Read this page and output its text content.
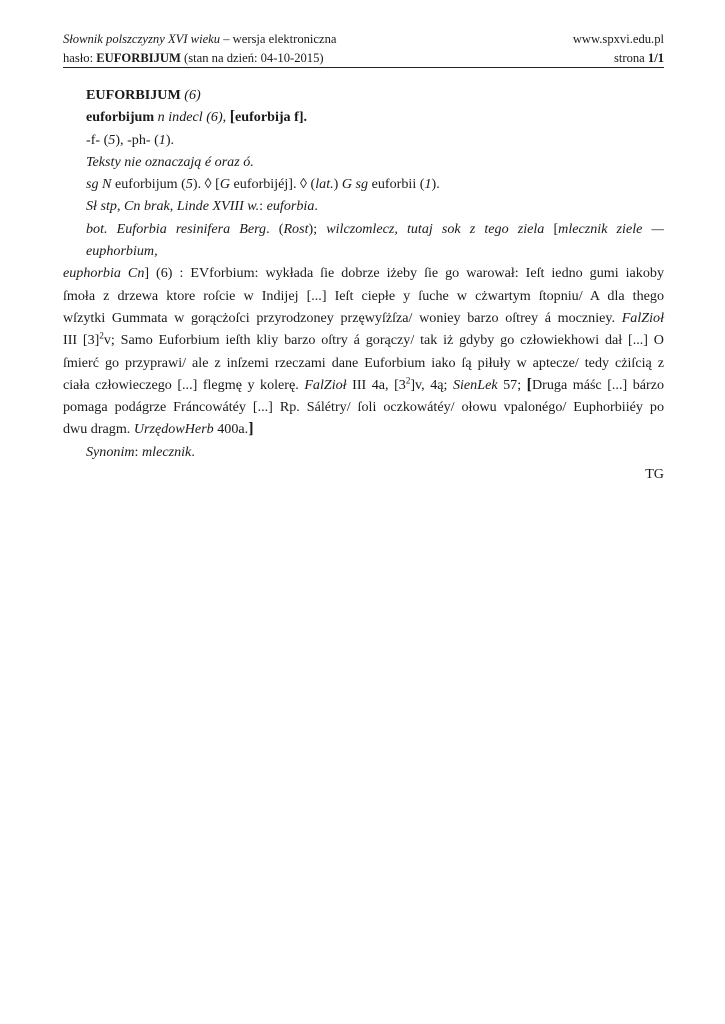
Słownik polszczyzny XVI wieku – wersja elektroniczna	www.spxvi.edu.pl
hasło: EUFORBIJUM (stan na dzień: 04-10-2015)	strona 1/1
EUFORBIJUM (6)
euforbijum n indecl (6), [euforbija f].
-f- (5), -ph- (1).
Teksty nie oznaczają é oraz ó.
sg N euforbijum (5). ◊ [G euforbijéj]. ◊ (lat.) G sg euforbii (1).
Sł stp, Cn brak, Linde XVIII w.: euforbia.
bot. Euforbia resinifera Berg. (Rost); wilczomlecz, tutaj sok z tego ziela [mlecznik ziele — euphorbium,
euphorbia Cn] (6) : EVforbium: wykłada ſie dobrze iżeby ſie go warował: Ieſt iedno gumi iakoby
ſmoła z drzewa ktore roſcie w Indijej [...] Ieſt ciepłe y ſuche w cżwartym ſtopniu/ A dla thego
wſzytki Gummata w gorącżoſci przyrodzoney przęwyſżſza/ woniey barzo oſtrey á moczniey. FalZioł
III $[3]^2v$; Samo Euforbium ieſth kliy barzo oſtry á gorączy/ tak iż gdyby go człowiekhowi dał [...] O
ſmierć go przyprawi/ ale z inſzemi rzeczami dane Euforbium iako ſą piłuły w aptecze/ tedy cżiſcią z
ciała człowieczego [...] flegmę y kolerę. FalZioł III 4a, $[3^2]v$, 4ą; SienLek 57; [Druga máśc [...] bárzo
pomaga podágrze Fráncowátéy [...] Rp. Sálétry/ ſoli oczkowátéy/ ołowu vpalonégo/ Euphorbiiéy po
dwu dragm. UrzędowHerb 400a.]
Synonim: mlecznik.
TG
